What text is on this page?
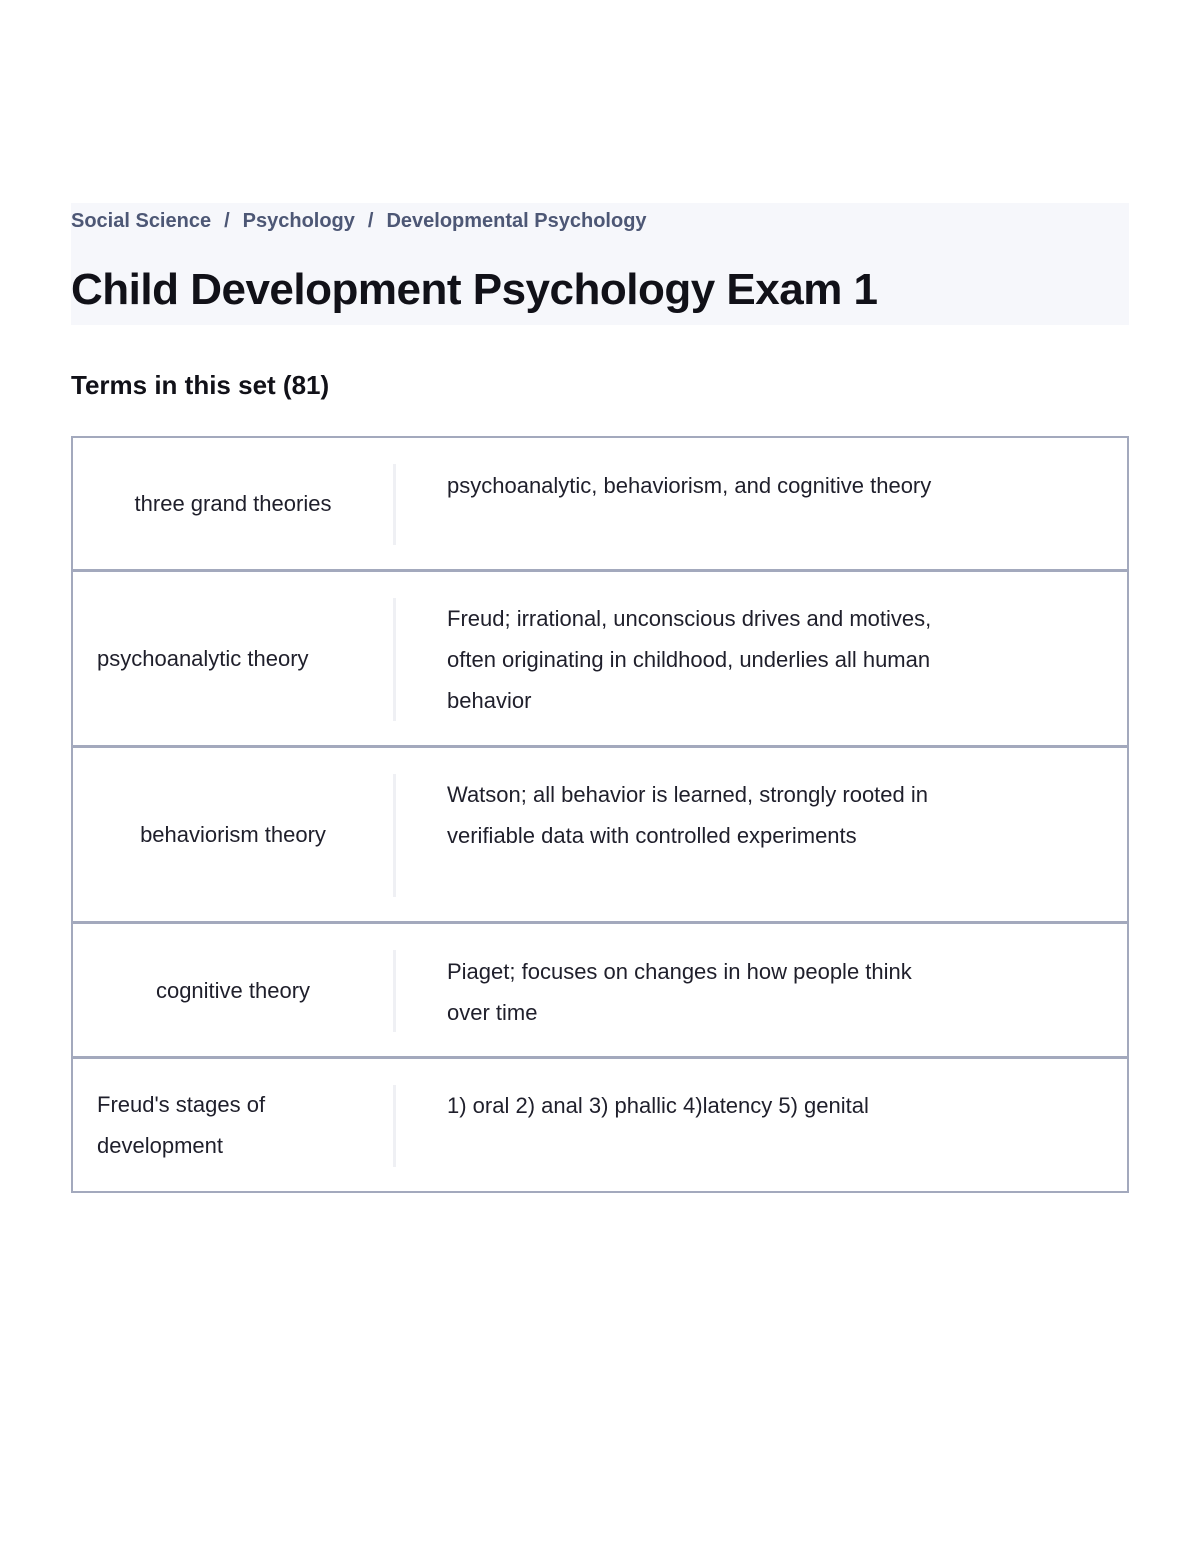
Social Science / Psychology / Developmental Psychology
Child Development Psychology Exam 1
Terms in this set (81)
three grand theories
psychoanalytic, behaviorism, and cognitive theory
psychoanalytic theory
Freud; irrational, unconscious drives and motives, often originating in childhood, underlies all human behavior
behaviorism theory
Watson; all behavior is learned, strongly rooted in verifiable data with controlled experiments
cognitive theory
Piaget; focuses on changes in how people think over time
Freud's stages of development
1) oral 2) anal 3) phallic 4)latency 5) genital
